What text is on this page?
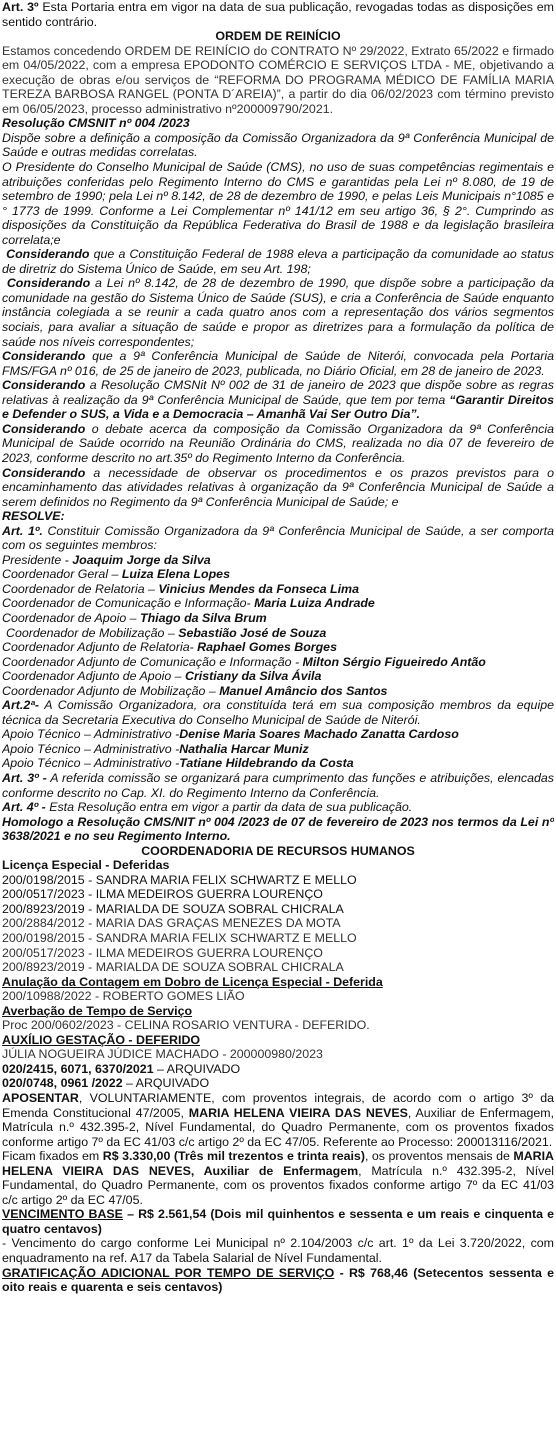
Art. 3º Esta Portaria entra em vigor na data de sua publicação, revogadas todas as disposições em sentido contrário.

ORDEM DE REINÍCIO

Estamos concedendo ORDEM DE REINÍCIO do CONTRATO Nº 29/2022, Extrato 65/2022 e firmado em 04/05/2022, com a empresa EPODONTO COMÉRCIO E SERVIÇOS LTDA - ME, objetivando a execução de obras e/ou serviços de “REFORMA DO PROGRAMA MÉDICO DE FAMÍLIA MARIA TEREZA BARBOSA RANGEL (PONTA D´AREIA)”, a partir do dia 06/02/2023 com término previsto em 06/05/2023, processo administrativo nº200009790/2021.

Resolução CMSNIT nº 004 /2023

Dispõe sobre a definição a composição da Comissão Organizadora da 9ª Conferência Municipal de Saúde e outras medidas correlatas.

O Presidente do Conselho Municipal de Saúde (CMS), no uso de suas competências regimentais e atribuições conferidas pelo Regimento Interno do CMS e garantidas pela Lei nº 8.080, de 19 de setembro de 1990; pela Lei nº 8.142, de 28 de dezembro de 1990, e pelas Leis Municipais n°1085 e ° 1773 de 1999. Conforme a Lei Complementar nº 141/12 em seu artigo 36, § 2°. Cumprindo as disposições da Constituição da República Federativa do Brasil de 1988 e da legislação brasileira correlata;e

Considerando que a Constituição Federal de 1988 eleva a participação da comunidade ao status de diretriz do Sistema Único de Saúde, em seu Art. 198;

Considerando a Lei nº 8.142, de 28 de dezembro de 1990, que dispõe sobre a participação da comunidade na gestão do Sistema Único de Saúde (SUS), e cria a Conferência de Saúde enquanto instância colegiada a se reunir a cada quatro anos com a representação dos vários segmentos sociais, para avaliar a situação de saúde e propor as diretrizes para a formulação da política de saúde nos níveis correspondentes;

Considerando que a 9ª Conferência Municipal de Saúde de Niterói, convocada pela Portaria FMS/FGA nº 016, de 25 de janeiro de 2023, publicada, no Diário Oficial, em 28 de janeiro de 2023.

Considerando a Resolução CMSNit Nº 002 de 31 de janeiro de 2023 que dispõe sobre as regras relativas à realização da 9ª Conferência Municipal de Saúde, que tem por tema “Garantir Direitos e Defender o SUS, a Vida e a Democracia – Amanhã Vai Ser Outro Dia”.

Considerando o debate acerca da composição da Comissão Organizadora da 9ª Conferência Municipal de Saúde ocorrido na Reunião Ordinária do CMS, realizada no dia 07 de fevereiro de 2023, conforme descrito no art.35º do Regimento Interno da Conferência.

Considerando a necessidade de observar os procedimentos e os prazos previstos para o encaminhamento das atividades relativas à organização da 9ª Conferência Municipal de Saúde a serem definidos no Regimento da 9ª Conferência Municipal de Saúde; e

RESOLVE:

Art. 1º. Constituir Comissão Organizadora da 9ª Conferência Municipal de Saúde, a ser comporta com os seguintes membros:

Presidente - Joaquim Jorge da Silva

Coordenador Geral – Luiza Elena Lopes

Coordenador de Relatoria – Vinicius Mendes da Fonseca Lima

Coordenador de Comunicação e Informação- Maria Luiza Andrade

Coordenador de Apoio – Thiago da Silva Brum

Coordenador de Mobilização – Sebastião José de Souza

Coordenador Adjunto de Relatoria- Raphael Gomes Borges

Coordenador Adjunto de Comunicação e Informação - Milton Sérgio Figueiredo Antão

Coordenador Adjunto de Apoio – Cristiany da Silva Ávila

Coordenador Adjunto de Mobilização – Manuel Amâncio dos Santos

Art.2ª- A Comissão Organizadora, ora constituída terá em sua composição membros da equipe técnica da Secretaria Executiva do Conselho Municipal de Saúde de Niterói.

Apoio Técnico – Administrativo -Denise Maria Soares Machado Zanatta Cardoso

Apoio Técnico – Administrativo -Nathalia Harcar Muniz

Apoio Técnico – Administrativo -Tatiane Hildebrando da Costa

Art. 3º - A referida comissão se organizará para cumprimento das funções e atribuições, elencadas conforme descrito no Cap. XI. do Regimento Interno da Conferência.

Art. 4º - Esta Resolução entra em vigor a partir da data de sua publicação.

Homologo a Resolução CMS/NIT nº 004 /2023 de 07 de fevereiro de 2023 nos termos da Lei nº 3638/2021 e no seu Regimento Interno.

COORDENADORIA DE RECURSOS HUMANOS

Licença Especial - Deferidas

200/0198/2015 - SANDRA MARIA FELIX SCHWARTZ E MELLO

200/0517/2023 - ILMA MEDEIROS GUERRA LOURENÇO

200/8923/2019 - MARIALDA DE SOUZA SOBRAL CHICRALA

200/2884/2012 - MARIA DAS GRAÇAS MENEZES DA MOTA

200/0198/2015 - SANDRA MARIA FELIX SCHWARTZ E MELLO

200/0517/2023 - ILMA MEDEIROS GUERRA LOURENÇO

200/8923/2019 - MARIALDA DE SOUZA SOBRAL CHICRALA

Anulação da Contagem em Dobro de Licença Especial - Deferida

200/10988/2022 - ROBERTO GOMES LIÃO

Averbação de Tempo de Serviço

Proc 200/0602/2023 - CELINA ROSARIO VENTURA - DEFERIDO.

AUXÍLIO GESTAÇÃO - DEFERIDO

JÚLIA NOGUEIRA JÚDICE MACHADO - 200000980/2023

020/2415, 6071, 6370/2021 – ARQUIVADO

020/0748, 0961 /2022 – ARQUIVADO

APOSENTAR, VOLUNTARIAMENTE, com proventos integrais, de acordo com o artigo 3º da Emenda Constitucional 47/2005, MARIA HELENA VIEIRA DAS NEVES, Auxiliar de Enfermagem, Matrícula n.º 432.395-2, Nível Fundamental, do Quadro Permanente, com os proventos fixados conforme artigo 7º da EC 41/03 c/c artigo 2º da EC 47/05. Referente ao Processo: 200013116/2021.

Ficam fixados em R$ 3.330,00 (Três mil trezentos e trinta reais), os proventos mensais de MARIA HELENA VIEIRA DAS NEVES, Auxiliar de Enfermagem, Matrícula n.º 432.395-2, Nível Fundamental, do Quadro Permanente, com os proventos fixados conforme artigo 7º da EC 41/03 c/c artigo 2º da EC 47/05.

VENCIMENTO BASE – R$ 2.561,54 (Dois mil quinhentos e sessenta e um reais e cinquenta e quatro centavos)

- Vencimento do cargo conforme Lei Municipal nº 2.104/2003 c/c art. 1º da Lei 3.720/2022, com enquadramento na ref. A17 da Tabela Salarial de Nível Fundamental.

GRATIFICAÇÃO ADICIONAL POR TEMPO DE SERVIÇO - R$ 768,46 (Setecentos sessenta e oito reais e quarenta e seis centavos)
